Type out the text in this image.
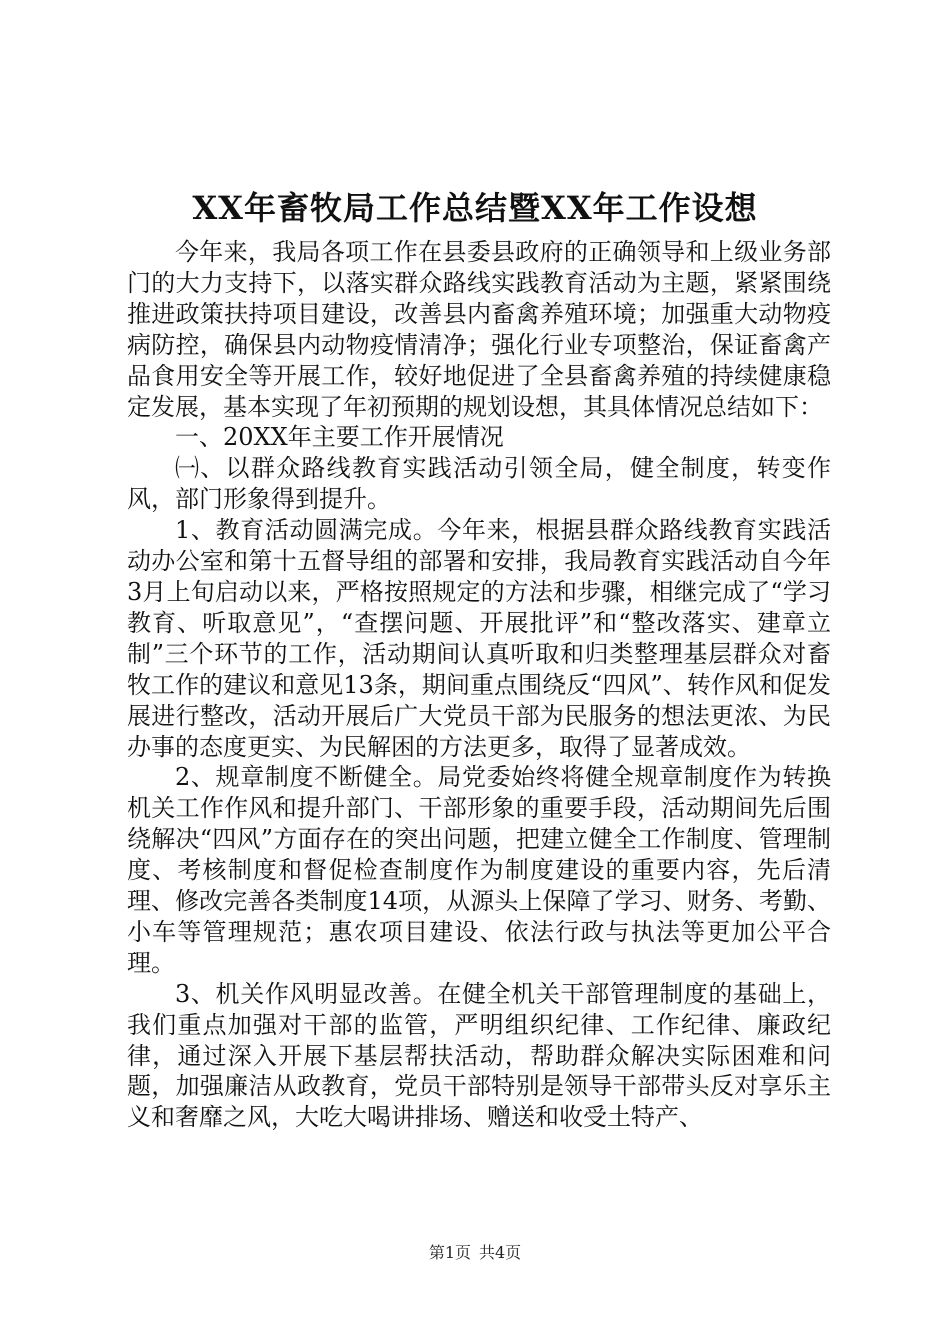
XX年畜牧局工作总结暨XX年工作设想

今年来，我局各项工作在县委县政府的正确领导和上级业务部门的大力支持下，以落实群众路线实践教育活动为主题，紧紧围绕推进政策扶持项目建设，改善县内畜禽养殖环境；加强重大动物疫病防控，确保县内动物疫情清净；强化行业专项整治，保证畜禽产品食用安全等开展工作，较好地促进了全县畜禽养殖的持续健康稳定发展，基本实现了年初预期的规划设想，其具体情况总结如下：

一、20XX年主要工作开展情况

㈠、以群众路线教育实践活动引领全局，健全制度，转变作风，部门形象得到提升。

1、教育活动圆满完成。今年来，根据县群众路线教育实践活动办公室和第十五督导组的部署和安排，我局教育实践活动自今年3月上旬启动以来，严格按照规定的方法和步骤，相继完成了“学习教育、听取意见”，“查摆问题、开展批评”和“整改落实、建章立制”三个环节的工作，活动期间认真听取和归类整理基层群众对畜牧工作的建议和意见13条，期间重点围绕反“四风”、转作风和促发展进行整改，活动开展后广大党员干部为民服务的想法更浓、为民办事的态度更实、为民解困的方法更多，取得了显著成效。

2、规章制度不断健全。局党委始终将健全规章制度作为转换机关工作作风和提升部门、干部形象的重要手段，活动期间先后围绕解决“四风”方面存在的突出问题，把建立健全工作制度、管理制度、考核制度和督促检查制度作为制度建设的重要内容，先后清理、修改完善各类制度14项，从源头上保障了学习、财务、考勤、小车等管理规范；惠农项目建设、依法行政与执法等更加公平合理。

3、机关作风明显改善。在健全机关干部管理制度的基础上，我们重点加强对干部的监管，严明组织纪律、工作纪律、廉政纪律，通过深入开展下基层帮扶活动，帮助群众解决实际困难和问题，加强廉洁从政教育，党员干部特别是领导干部带头反对享乐主义和奢靡之风，大吃大喝讲排场、赠送和收受土特产、

第1页 共4页
